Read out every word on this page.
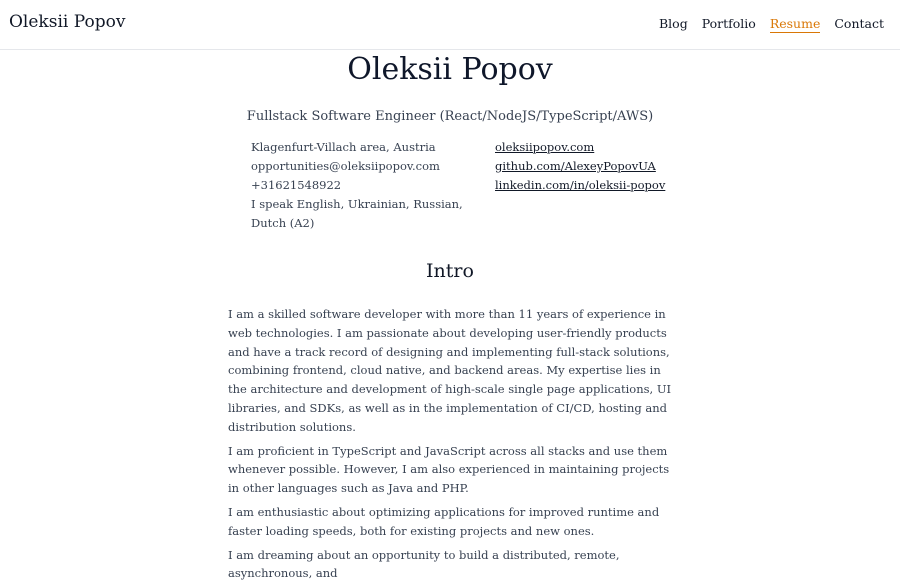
Oleksii Popov	Blog Portfolio Resume Contact
Oleksii Popov

Fullstack Software Engineer (React/NodeJS/TypeScript/AWS)

Klagenfurt-Villach area, Austria
opportunities@oleksiipopov.com
+31621548922
I speak English, Ukrainian, Russian, Dutch (A2)
oleksiipopov.com
github.com/AlexeyPopovUA
linkedin.com/in/oleksii-popov
Intro

I am a skilled software developer with more than 11 years of experience in web technologies. I am passionate about developing user-friendly products and have a track record of designing and implementing full-stack solutions, combining frontend, cloud native, and backend areas. My expertise lies in the architecture and development of high-scale single page applications, UI libraries, and SDKs, as well as in the implementation of CI/CD, hosting and distribution solutions.

I am proficient in TypeScript and JavaScript across all stacks and use them whenever possible. However, I am also experienced in maintaining projects in other languages such as Java and PHP.

I am enthusiastic about optimizing applications for improved runtime and faster loading speeds, both for existing projects and new ones.

I am dreaming about an opportunity to build a distributed, remote, asynchronous, and
